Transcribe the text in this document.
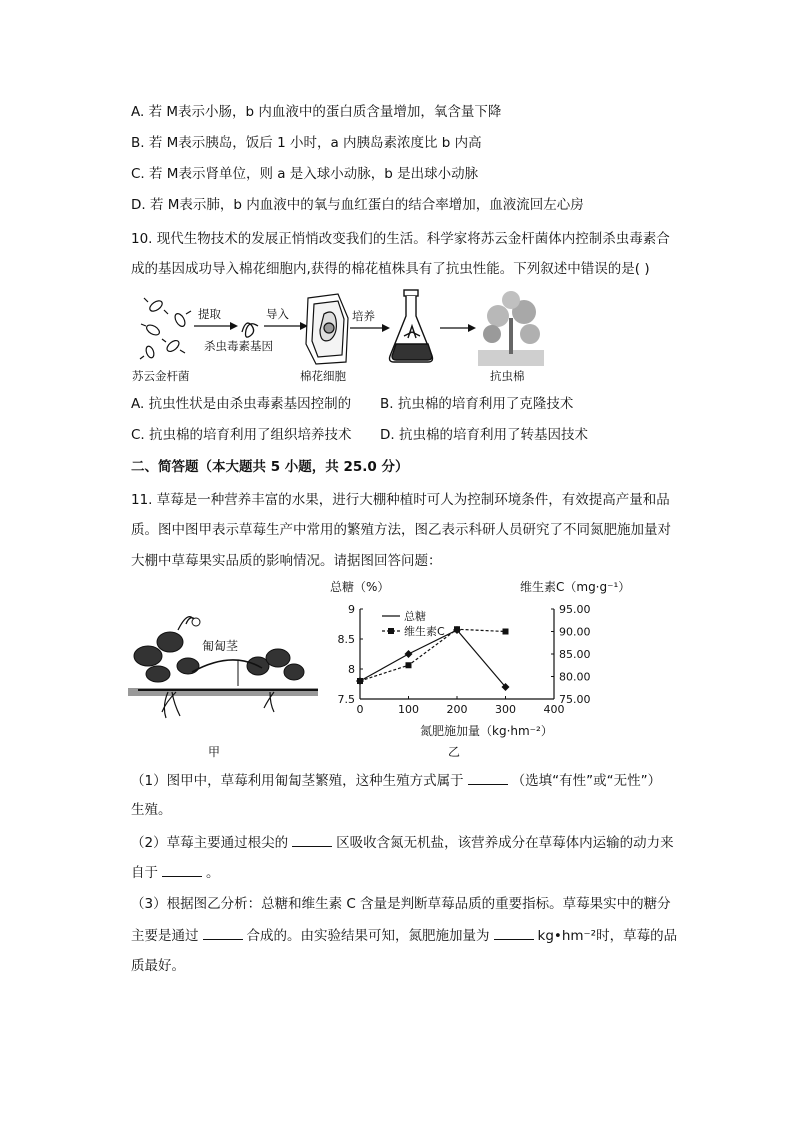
A. 若 M表示小肠，b 内血液中的蛋白质含量增加，氧含量下降
B. 若 M表示胰岛，饭后 1 小时，a 内胰岛素浓度比 b 内高
C. 若 M表示肾单位，则 a 是入球小动脉，b 是出球小动脉
D. 若 M表示肺，b 内血液中的氧与血红蛋白的结合率增加，血液流回左心房
10. 现代生物技术的发展正悄悄改变我们的生活。科学家将苏云金杆菌体内控制杀虫毒素合
成的基因成功导入棉花细胞内,获得的棉花植株具有了抗虫性能。下列叙述中错误的是( )
苏云金杆菌
提取
杀虫毒素基因
导入
棉花细胞
培养
抗虫棉
A. 抗虫性状是由杀虫毒素基因控制的 B. 抗虫棉的培育利用了克隆技术
C. 抗虫棉的培育利用了组织培养技术 D. 抗虫棉的培育利用了转基因技术
二、简答题（本大题共 5 小题，共 25.0 分）
11. 草莓是一种营养丰富的水果，进行大棚种植时可人为控制环境条件，有效提高产量和品
质。图中图甲表示草莓生产中常用的繁殖方法，图乙表示科研人员研究了不同氮肥施加量对
大棚中草莓果实品质的影响情况。请据图回答问题：
匍匐茎
甲
总糖（%）	维生素C（mg·g⁻¹）
0	100	200	300	400
7.5
8
8.5
9
75.00
80.00
85.00
90.00
95.00
总糖
维生素C
氮肥施加量（kg·hm⁻²）
乙
（1）图甲中，草莓利用匍匐茎繁殖，这种生殖方式属于	（选填“有性”或“无性”）
生殖。
（2）草莓主要通过根尖的	区吸收含氮无机盐，该营养成分在草莓体内运输的动力来
自于	。
（3）根据图乙分析：总糖和维生素 C 含量是判断草莓品质的重要指标。草莓果实中的糖分
主要是通过	合成的。由实验结果可知，氮肥施加量为	kg•hm⁻²时，草莓的品
质最好。
